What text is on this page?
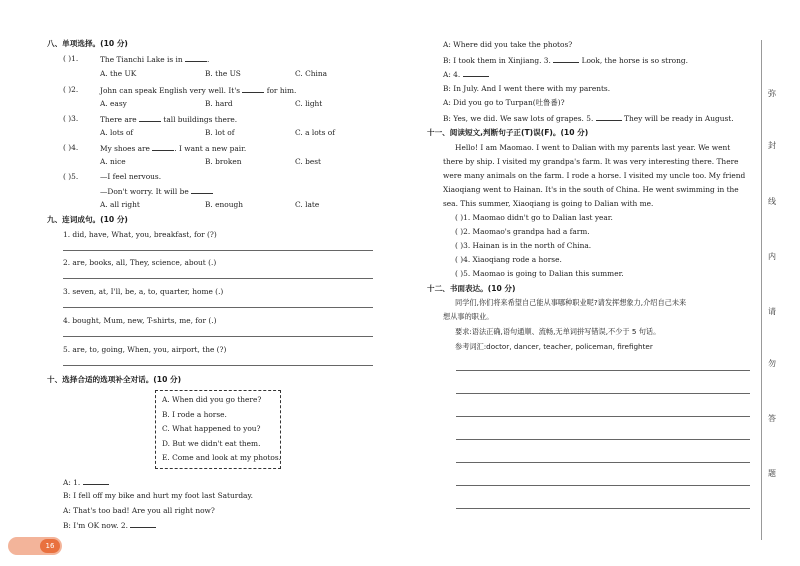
八、单项选择。(10 分)
( )1.	The Tianchi Lake is in	.
A. the UK	B. the US	C. China
( )2.	John can speak English very well. It's	for him.
A. easy	B. hard	C. light
( )3.	There are	tall buildings there.
A. lots of	B. lot of	C. a lots of
( )4.	My shoes are	. I want a new pair.
A. nice	B. broken	C. best
( )5.	—I feel nervous.
—Don't worry. It will be
A. all right	B. enough	C. late
九、连词成句。(10 分)
1. did, have, What, you, breakfast, for (?)
2. are, books, all, They, science, about (.)
3. seven, at, I'll, be, a, to, quarter, home (.)
4. bought, Mum, new, T-shirts, me, for (.)
5. are, to, going, When, you, airport, the (?)
十、选择合适的选项补全对话。(10 分)
A. When did you go there?
B. I rode a horse.
C. What happened to you?
D. But we didn't eat them.
E. Come and look at my photos.
A: 1.
B: I fell off my bike and hurt my foot last Saturday.
A: That's too bad! Are you all right now?
B: I'm OK now. 2.
16
A: Where did you take the photos?
B: I took them in Xinjiang. 3.	Look, the horse is so strong.
A: 4.
B: In July. And I went there with my parents.
A: Did you go to Turpan(吐鲁番)?
B: Yes, we did. We saw lots of grapes. 5.	They will be ready in August.
十一、阅读短文,判断句子正(T)误(F)。(10 分)
Hello! I am Maomao. I went to Dalian with my parents last year. We went
there by ship. I visited my grandpa's farm. It was very interesting there. There
were many animals on the farm. I rode a horse. I visited my uncle too. My friend
Xiaoqiang went to Hainan. It's in the south of China. He went swimming in the
sea. This summer, Xiaoqiang is going to Dalian with me.
( )1. Maomao didn't go to Dalian last year.
( )2. Maomao's grandpa had a farm.
( )3. Hainan is in the north of China.
( )4. Xiaoqiang rode a horse.
( )5. Maomao is going to Dalian this summer.
十二、书面表达。(10 分)
同学们,你们将来希望自己能从事哪种职业呢?请发挥想象力,介绍自己未来
想从事的职业。
要求:语法正确,语句通顺、流畅,无单词拼写错误,不少于 5 句话。
参考词汇:doctor, dancer, teacher, policeman, firefighter
弥
封
线
内
请
勿
答
题
